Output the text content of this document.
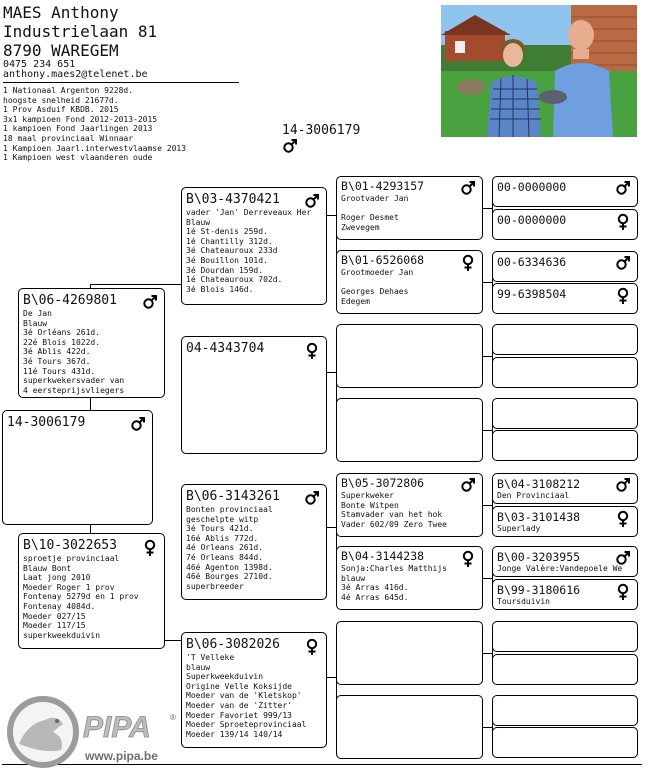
MAES Anthony
Industrielaan 81
8790 WAREGEM
0475 234 651
anthony.maes2@telenet.be
1 Nationaal Argenton 9228d.
hoogste snelheid 21677d.
1 Prov Asduif KBDB. 2015
3x1 kampioen Fond 2012-2013-2015
1 kampioen Fond Jaarlingen 2013
18 maal provinciaal Winnaar
1 Kampioen Jaarl.interwestvlaamse 2013
1 Kampioen west vlaanderen oude
14-3006179
14-3006179
B\06-4269801
De Jan
Blauw
3é Orléans 261d.
22é Blois 1022d.
3é Ablis 422d.
3é Tours 367d.
11é Tours 431d.
superkwekersvader van
4 eersteprijsvliegers
B\10-3022653
sproetje provinciaal
Blauw Bont
Laat jong 2010
Moeder Roger 1 prov
Fontenay 5279d en 1 prov
Fontenay 4084d.
Moeder 027/15
Moeder 117/15
superkweekduivin
B\03-4370421
vader 'Jan' Derreveaux Her
Blauw
1é St-denis 259d.
1é Chantilly 312d.
3é Chateauroux 233d
3é Bouillon 101d.
3é Dourdan 159d.
1é Chateauroux 702d.
3é Blois 146d.
04-4343704
B\06-3143261
Bonten provinciaal
geschelpte witp
3é Tours 421d.
16é Ablis 772d.
4é Orleans 261d.
7é Orleans 844d.
46é Agenton 1398d.
46é Bourges 2710d.
superbreeder
B\06-3082026
'T Velleke
blauw
Superkweekduivin
Origine Velle Koksijde
Moeder van de 'Kletskop'
Moeder van de 'Zitter'
Moeder Favoriet 999/13
Moeder Sproeteprovinciaal
Moeder 139/14 140/14
B\01-4293157
Grootvader Jan

Roger Desmet
Zwevegem
B\01-6526068
Grootmoeder Jan

Georges Dehaes
Edegem
B\05-3072806
Superkweker
Bonte Witpen
Stamvader van het hok
Vader 602/09 Zero Twee
B\04-3144238
Sonja:Charles Matthijs
blauw
3é Arras 416d.
4é Arras 645d.
00-0000000
00-0000000
00-6334636
99-6398504
B\04-3108212
Den Provinciaal
B\03-3101438
Superlady
B\00-3203955
Jonge Valère:Vandepoele We
B\99-3180616
Toursduivin
PIPA ®
www.pipa.be
